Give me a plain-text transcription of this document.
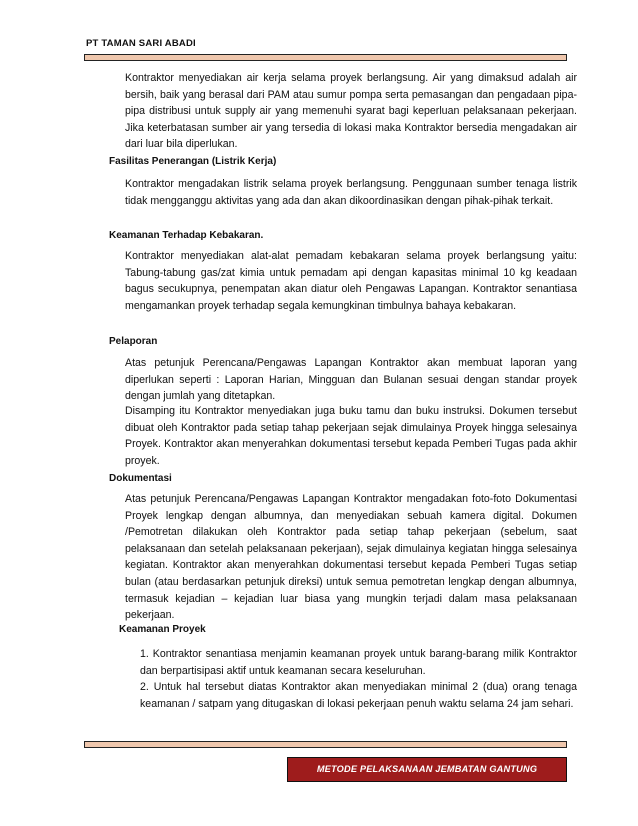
PT TAMAN SARI ABADI

Kontraktor menyediakan air kerja selama proyek berlangsung. Air yang dimaksud adalah air bersih, baik yang berasal dari PAM atau sumur pompa serta pemasangan dan pengadaan pipa-pipa distribusi untuk supply air yang memenuhi syarat bagi keperluan pelaksanaan pekerjaan. Jika keterbatasan sumber air yang tersedia di lokasi maka Kontraktor bersedia mengadakan air dari luar bila diperlukan.

Fasilitas Penerangan (Listrik Kerja)

Kontraktor mengadakan listrik selama proyek berlangsung. Penggunaan sumber tenaga listrik tidak mengganggu aktivitas yang ada dan akan dikoordinasikan dengan pihak-pihak terkait.

Keamanan Terhadap Kebakaran.

Kontraktor menyediakan alat-alat pemadam kebakaran selama proyek berlangsung yaitu: Tabung-tabung gas/zat kimia untuk pemadam api dengan kapasitas minimal 10 kg keadaan bagus secukupnya, penempatan akan diatur oleh Pengawas Lapangan. Kontraktor senantiasa mengamankan proyek terhadap segala kemungkinan timbulnya bahaya kebakaran.

Pelaporan

Atas petunjuk Perencana/Pengawas Lapangan Kontraktor akan membuat laporan yang diperlukan seperti : Laporan Harian, Mingguan dan Bulanan sesuai dengan standar proyek dengan jumlah yang ditetapkan.

Disamping itu Kontraktor menyediakan juga buku tamu dan buku instruksi. Dokumen tersebut dibuat oleh Kontraktor pada setiap tahap pekerjaan sejak dimulainya Proyek hingga selesainya Proyek. Kontraktor akan menyerahkan dokumentasi tersebut kepada Pemberi Tugas pada akhir proyek.

Dokumentasi

Atas petunjuk Perencana/Pengawas Lapangan Kontraktor mengadakan foto-foto Dokumentasi Proyek lengkap dengan albumnya, dan menyediakan sebuah kamera digital. Dokumen /Pemotretan dilakukan oleh Kontraktor pada setiap tahap pekerjaan (sebelum, saat pelaksanaan dan setelah pelaksanaan pekerjaan), sejak dimulainya kegiatan hingga selesainya kegiatan. Kontraktor akan menyerahkan dokumentasi tersebut kepada Pemberi Tugas setiap bulan (atau berdasarkan petunjuk direksi) untuk semua pemotretan lengkap dengan albumnya, termasuk kejadian – kejadian luar biasa yang mungkin terjadi dalam masa pelaksanaan pekerjaan.

Keamanan Proyek

1. Kontraktor senantiasa menjamin keamanan proyek untuk barang-barang milik Kontraktor dan berpartisipasi aktif untuk keamanan secara keseluruhan.

2. Untuk hal tersebut diatas Kontraktor akan menyediakan minimal 2 (dua) orang tenaga keamanan / satpam yang ditugaskan di lokasi pekerjaan penuh waktu selama 24 jam sehari.

METODE PELAKSANAAN JEMBATAN GANTUNG
